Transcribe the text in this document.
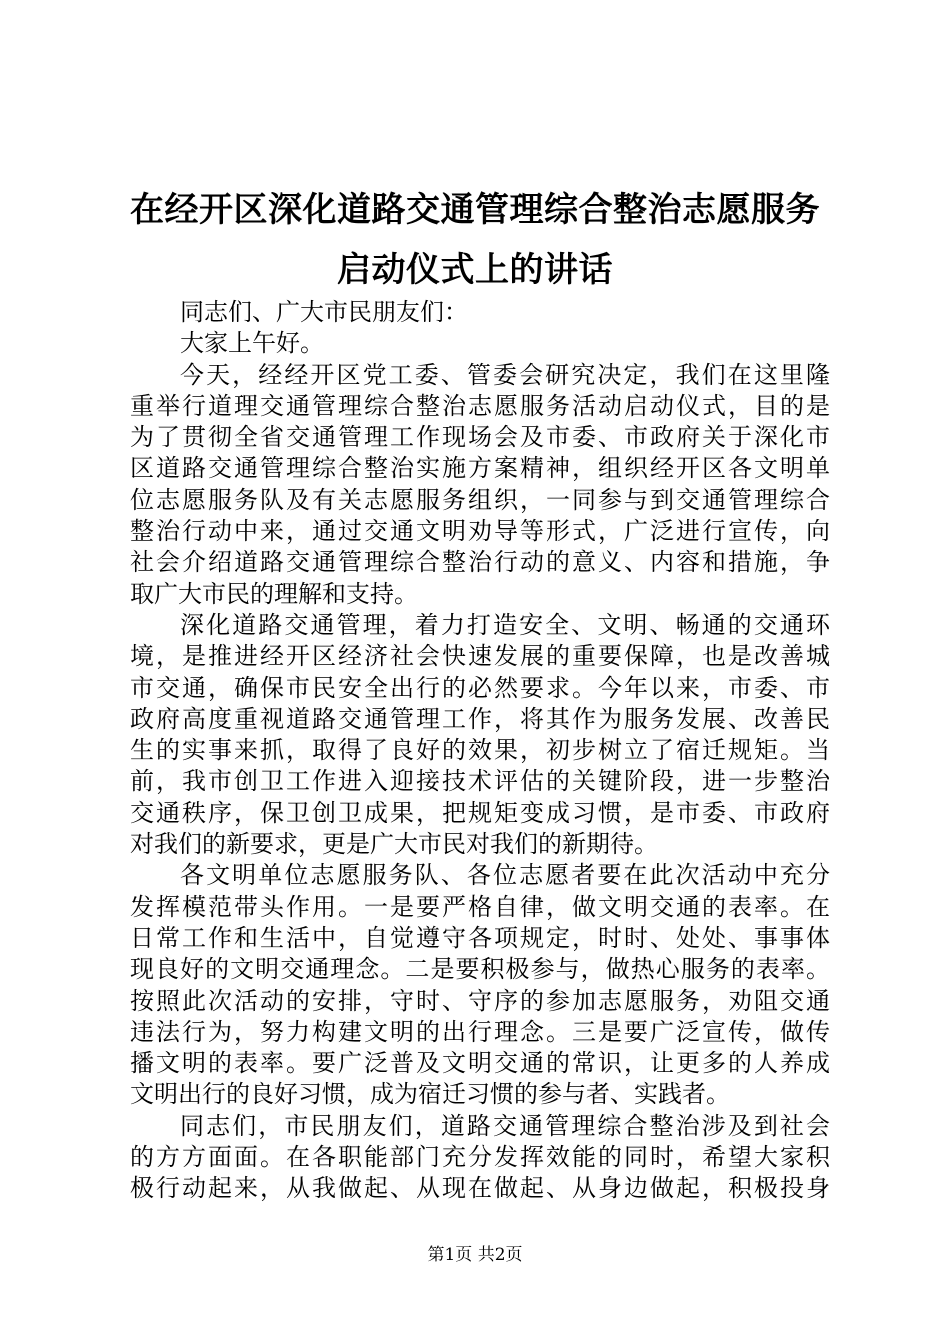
在经开区深化道路交通管理综合整治志愿服务
启动仪式上的讲话
同志们、广大市民朋友们：
大家上午好。
今天，经经开区党工委、管委会研究决定，我们在这里隆
重举行道理交通管理综合整治志愿服务活动启动仪式，目的是
为了贯彻全省交通管理工作现场会及市委、市政府关于深化市
区道路交通管理综合整治实施方案精神，组织经开区各文明单
位志愿服务队及有关志愿服务组织，一同参与到交通管理综合
整治行动中来，通过交通文明劝导等形式，广泛进行宣传，向
社会介绍道路交通管理综合整治行动的意义、内容和措施，争
取广大市民的理解和支持。
深化道路交通管理，着力打造安全、文明、畅通的交通环
境，是推进经开区经济社会快速发展的重要保障，也是改善城
市交通，确保市民安全出行的必然要求。今年以来，市委、市
政府高度重视道路交通管理工作，将其作为服务发展、改善民
生的实事来抓，取得了良好的效果，初步树立了宿迁规矩。当
前，我市创卫工作进入迎接技术评估的关键阶段，进一步整治
交通秩序，保卫创卫成果，把规矩变成习惯，是市委、市政府
对我们的新要求，更是广大市民对我们的新期待。
各文明单位志愿服务队、各位志愿者要在此次活动中充分
发挥模范带头作用。一是要严格自律，做文明交通的表率。在
日常工作和生活中，自觉遵守各项规定，时时、处处、事事体
现良好的文明交通理念。二是要积极参与，做热心服务的表率。
按照此次活动的安排，守时、守序的参加志愿服务，劝阻交通
违法行为，努力构建文明的出行理念。三是要广泛宣传，做传
播文明的表率。要广泛普及文明交通的常识，让更多的人养成
文明出行的良好习惯，成为宿迁习惯的参与者、实践者。
同志们，市民朋友们，道路交通管理综合整治涉及到社会
的方方面面。在各职能部门充分发挥效能的同时，希望大家积
极行动起来，从我做起、从现在做起、从身边做起，积极投身
第1页 共2页
